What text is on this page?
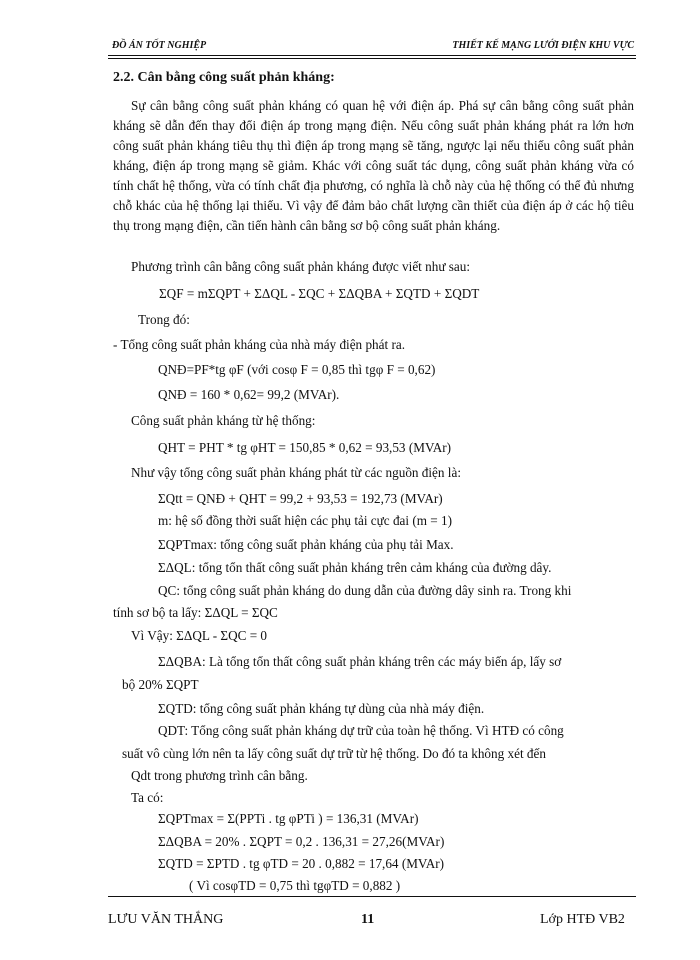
ĐỒ ÁN TỐT NGHIỆP	THIẾT KẾ MẠNG LƯỚI ĐIỆN KHU VỰC
2.2. Cân bằng công suất phản kháng:
Sự cân bằng công suất phản kháng có quan hệ với điện áp. Phá sự cân bằng công suất phản kháng sẽ dẫn đến thay đổi điện áp trong mạng điện. Nếu công suất phản kháng phát ra lớn hơn công suất phản kháng tiêu thụ thì điện áp trong mạng sẽ tăng, ngược lại nếu thiếu công suất phản kháng, điện áp trong mạng sẽ giảm. Khác với công suất tác dụng, công suất phản kháng vừa có tính chất hệ thống, vừa có tính chất địa phương, có nghĩa là chỗ này của hệ thống có thể đủ nhưng chỗ khác của hệ thống lại thiếu. Vì vậy để đảm bảo chất lượng cần thiết của điện áp ở các hộ tiêu thụ trong mạng điện, cần tiến hành cân bằng sơ bộ công suất phản kháng.
Phương trình cân bằng công suất phản kháng được viết như sau:
ΣQF = mΣQPT + ΣΔQL - ΣQC + ΣΔQBA + ΣQTD + ΣQDT
Trong đó:
- Tổng công suất phản kháng của nhà máy điện phát ra.
QNĐ=PF*tg φF (với cosφ F = 0,85 thì tgφ F = 0,62)
QNĐ = 160 * 0,62= 99,2 (MVAr).
Công suất phản kháng từ hệ thống:
QHT = PHT * tg φHT = 150,85 * 0,62 = 93,53 (MVAr)
Như vậy tổng công suất phản kháng phát từ các nguồn điện là:
ΣQtt = QNĐ + QHT = 99,2 + 93,53 = 192,73 (MVAr)
m: hệ số đồng thời suất hiện các phụ tải cực đai (m = 1)
ΣQPTmax: tổng công suất phản kháng của phụ tải Max.
ΣΔQL: tổng tổn thất công suất phản kháng trên cảm kháng của đường dây.
QC: tổng công suất phản kháng do dung dẫn của đường dây sinh ra. Trong khi
tính sơ bộ ta lấy: ΣΔQL = ΣQC
Vì Vậy: ΣΔQL - ΣQC = 0
ΣΔQBA: Là tổng tổn thất công suất phản kháng trên các máy biến áp, lấy sơ
bộ 20% ΣQPT
ΣQTD: tổng công suất phản kháng tự dùng của nhà máy điện.
QDT: Tổng công suất phản kháng dự trữ của toàn hệ thống. Vì HTĐ có công
suất vô cùng lớn nên ta lấy công suất dự trữ từ hệ thống. Do đó ta không xét đến
Qdt trong phương trình cân bằng.
Ta có:
ΣQPTmax = Σ(PPTi . tg φPTi ) = 136,31 (MVAr)
ΣΔQBA = 20% . ΣQPT = 0,2 . 136,31 = 27,26(MVAr)
ΣQTD = ΣPTD . tg φTD = 20 . 0,882 = 17,64 (MVAr)
( Vì cosφTD = 0,75 thì tgφTD = 0,882 )
LƯU VĂN THẮNG	11	Lớp HTĐ VB2
